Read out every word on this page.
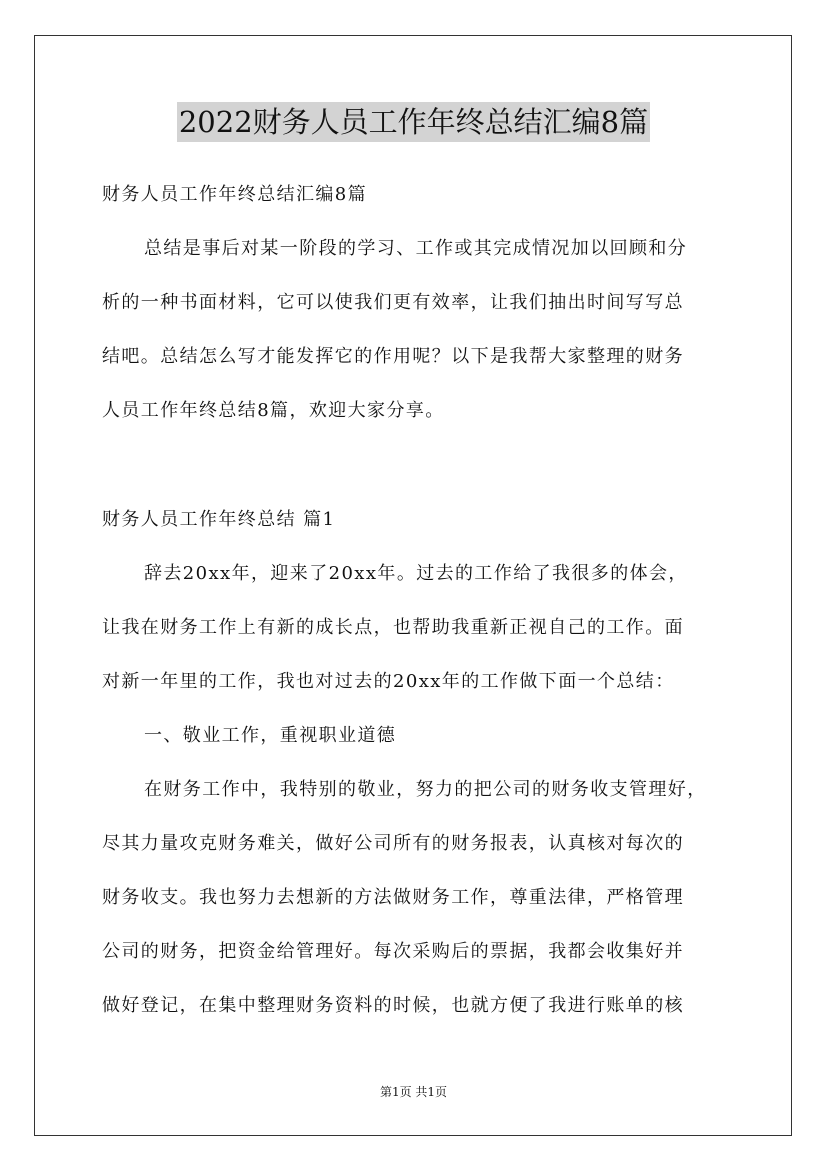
2022财务人员工作年终总结汇编8篇
财务人员工作年终总结汇编8篇
总结是事后对某一阶段的学习、工作或其完成情况加以回顾和分
析的一种书面材料，它可以使我们更有效率，让我们抽出时间写写总
结吧。总结怎么写才能发挥它的作用呢？以下是我帮大家整理的财务
人员工作年终总结8篇，欢迎大家分享。
财务人员工作年终总结 篇1
辞去20xx年，迎来了20xx年。过去的工作给了我很多的体会，
让我在财务工作上有新的成长点，也帮助我重新正视自己的工作。面
对新一年里的工作，我也对过去的20xx年的工作做下面一个总结：
一、敬业工作，重视职业道德
在财务工作中，我特别的敬业，努力的把公司的财务收支管理好，
尽其力量攻克财务难关，做好公司所有的财务报表，认真核对每次的
财务收支。我也努力去想新的方法做财务工作，尊重法律，严格管理
公司的财务，把资金给管理好。每次采购后的票据，我都会收集好并
做好登记，在集中整理财务资料的时候，也就方便了我进行账单的核
第1页 共1页
